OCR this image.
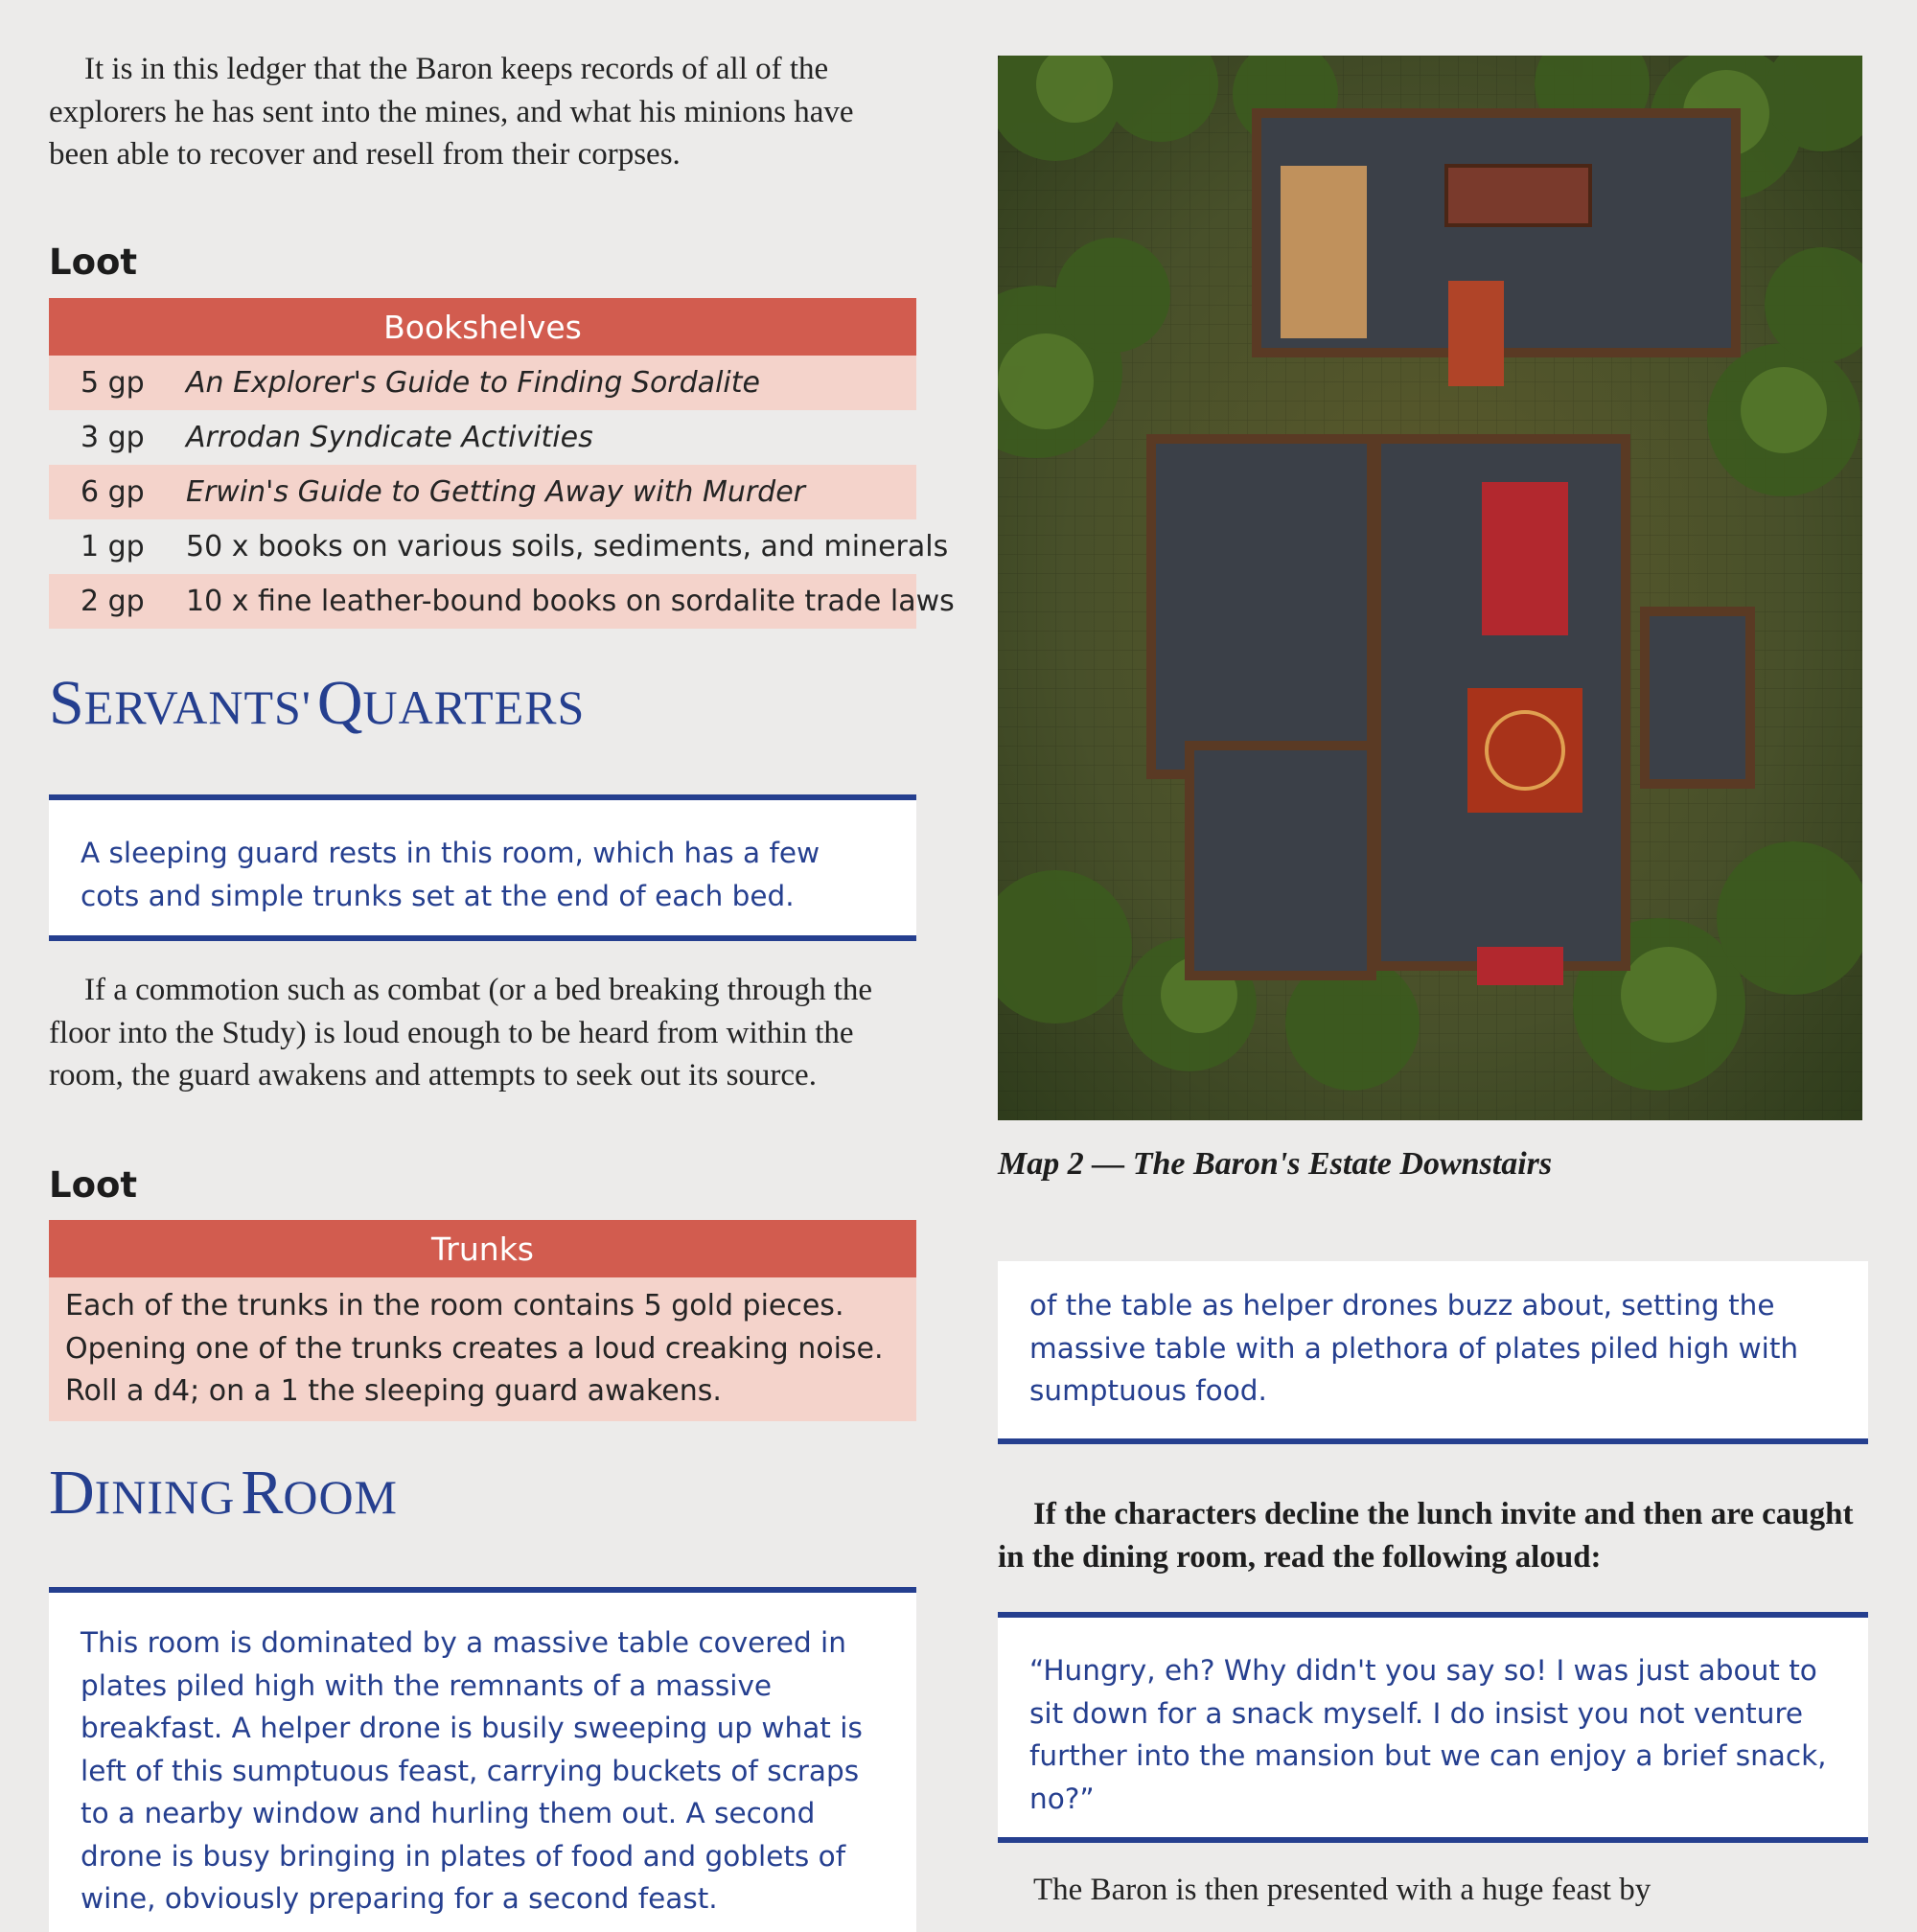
It is in this ledger that the Baron keeps records of all of the explorers he has sent into the mines, and what his minions have been able to recover and resell from their corpses.

Loot
Bookshelves
5 gp	An Explorer's Guide to Finding Sordalite
3 gp	Arrodan Syndicate Activities
6 gp	Erwin's Guide to Getting Away with Murder
1 gp	50 x books on various soils, sediments, and minerals
2 gp	10 x fine leather-bound books on sordalite trade laws
SERVANTS' QUARTERS
A sleeping guard rests in this room, which has a few cots and simple trunks set at the end of each bed.

If a commotion such as combat (or a bed breaking through the floor into the Study) is loud enough to be heard from within the room, the guard awakens and attempts to seek out its source.

Loot
Trunks
Each of the trunks in the room contains 5 gold pieces. Opening one of the trunks creates a loud creaking noise. Roll a d4; on a 1 the sleeping guard awakens.
DINING ROOM
This room is dominated by a massive table covered in plates piled high with the remnants of a massive breakfast. A helper drone is busily sweeping up what is left of this sumptuous feast, carrying buckets of scraps to a nearby window and hurling them out. A second drone is busy bringing in plates of food and goblets of wine, obviously preparing for a second feast.

Map 2 — The Baron's Estate Downstairs

of the table as helper drones buzz about, setting the massive table with a plethora of plates piled high with sumptuous food.

If the characters decline the lunch invite and then are caught in the dining room, read the following aloud:

“Hungry, eh? Why didn't you say so! I was just about to sit down for a snack myself. I do insist you not venture further into the mansion but we can enjoy a brief snack, no?”

The Baron is then presented with a huge feast by
